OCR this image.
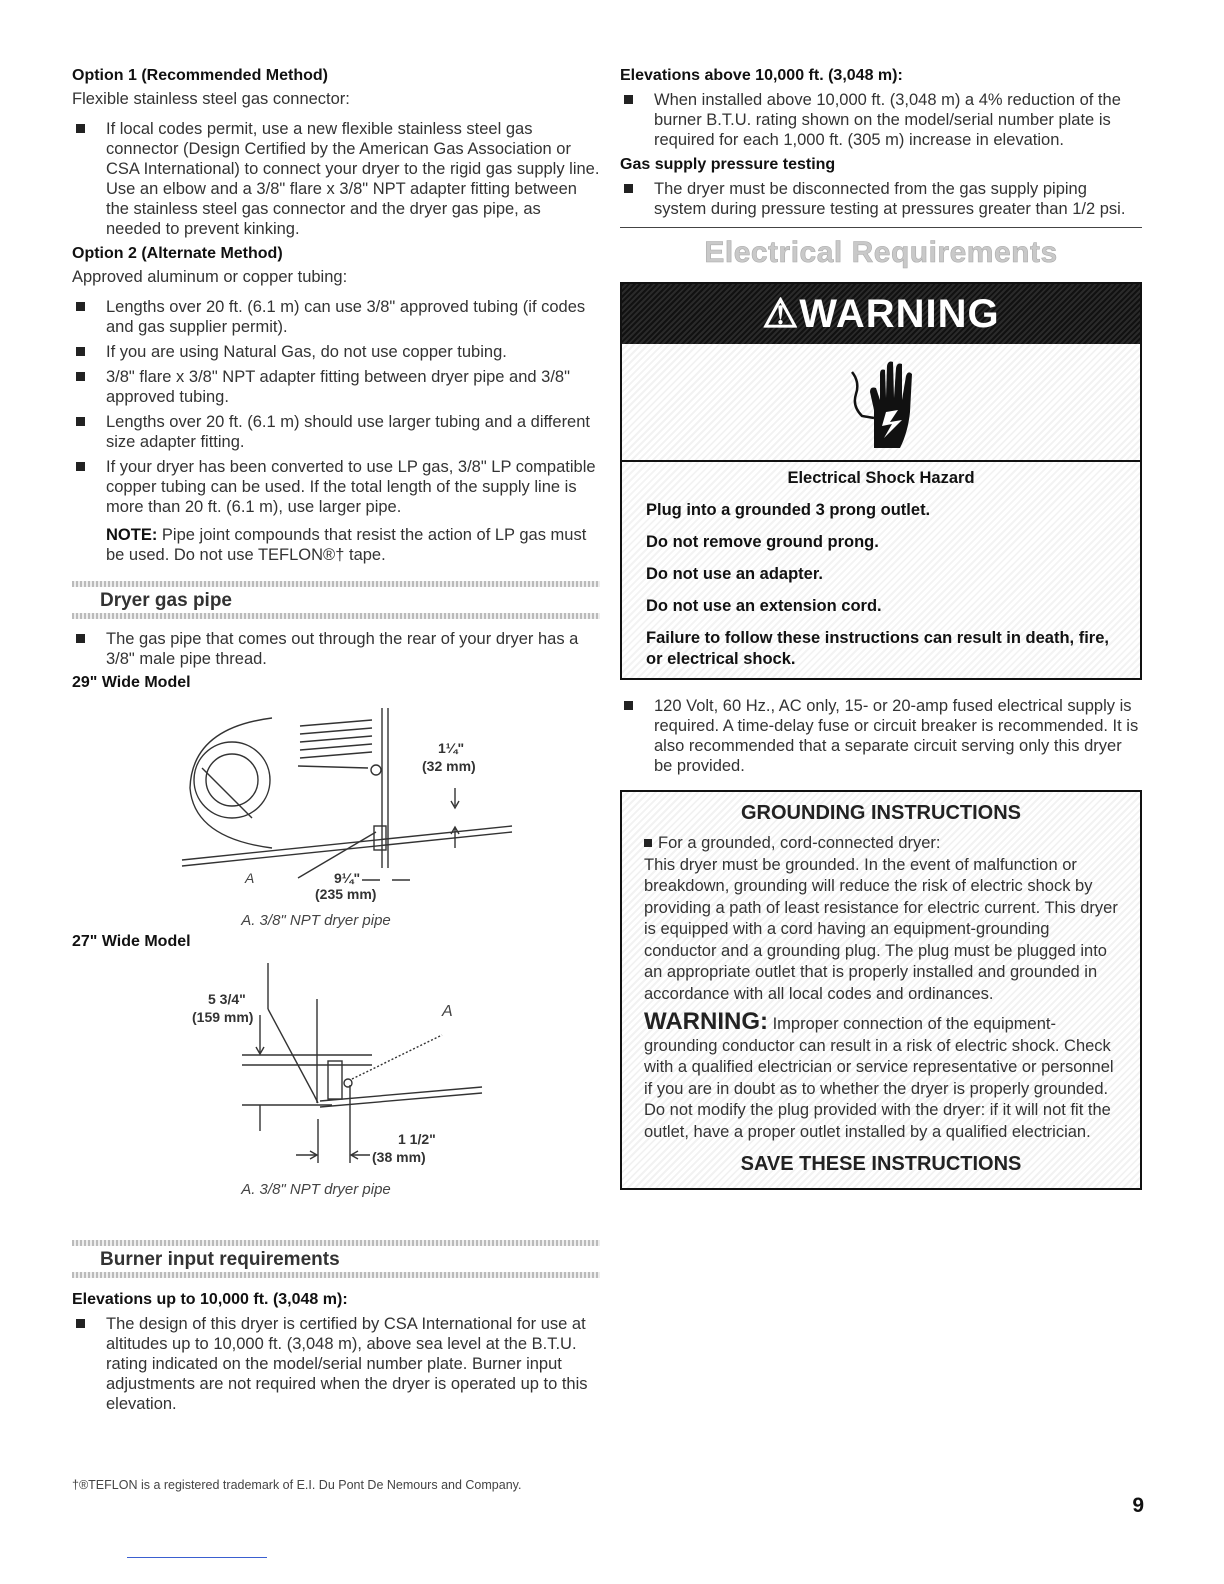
Option 1 (Recommended Method)

Flexible stainless steel gas connector:

If local codes permit, use a new flexible stainless steel gas connector (Design Certified by the American Gas Association or CSA International) to connect your dryer to the rigid gas supply line. Use an elbow and a 3/8" flare x 3/8" NPT adapter fitting between the stainless steel gas connector and the dryer gas pipe, as needed to prevent kinking.
Option 2 (Alternate Method)

Approved aluminum or copper tubing:

Lengths over 20 ft. (6.1 m) can use 3/8" approved tubing (if codes and gas supplier permit).
If you are using Natural Gas, do not use copper tubing.
3/8" flare x 3/8" NPT adapter fitting between dryer pipe and 3/8" approved tubing.
Lengths over 20 ft. (6.1 m) should use larger tubing and a different size adapter fitting.
If your dryer has been converted to use LP gas, 3/8" LP compatible copper tubing can be used. If the total length of the supply line is more than 20 ft. (6.1 m), use larger pipe.

NOTE: Pipe joint compounds that resist the action of LP gas must be used. Do not use TEFLON®† tape.

Dryer gas pipe
The gas pipe that comes out through the rear of your dryer has a 3/8" male pipe thread.
29" Wide Model
1¼"
(32 mm)
A	9¼"
(235 mm)
A. 3/8" NPT dryer pipe
27" Wide Model
5 3/4"
(159 mm)	A
1 1/2"
(38 mm)
A. 3/8" NPT dryer pipe
Burner input requirements
Elevations up to 10,000 ft. (3,048 m):
The design of this dryer is certified by CSA International for use at altitudes up to 10,000 ft. (3,048 m), above sea level at the B.T.U. rating indicated on the model/serial number plate. Burner input adjustments are not required when the dryer is operated up to this elevation.
Elevations above 10,000 ft. (3,048 m):
When installed above 10,000 ft. (3,048 m) a 4% reduction of the burner B.T.U. rating shown on the model/serial number plate is required for each 1,000 ft. (305 m) increase in elevation.
Gas supply pressure testing
The dryer must be disconnected from the gas supply piping system during pressure testing at pressures greater than 1/2 psi.
Electrical Requirements
⚠WARNING

Electrical Shock Hazard

Plug into a grounded 3 prong outlet.

Do not remove ground prong.

Do not use an adapter.

Do not use an extension cord.

Failure to follow these instructions can result in death, fire, or electrical shock.

120 Volt, 60 Hz., AC only, 15- or 20-amp fused electrical supply is required. A time-delay fuse or circuit breaker is recommended. It is also recommended that a separate circuit serving only this dryer be provided.
GROUNDING INSTRUCTIONS
For a grounded, cord-connected dryer:
This dryer must be grounded. In the event of malfunction or breakdown, grounding will reduce the risk of electric shock by providing a path of least resistance for electric current. This dryer is equipped with a cord having an equipment-grounding conductor and a grounding plug. The plug must be plugged into an appropriate outlet that is properly installed and grounded in accordance with all local codes and ordinances.
WARNING: Improper connection of the equipment-grounding conductor can result in a risk of electric shock. Check with a qualified electrician or service representative or personnel if you are in doubt as to whether the dryer is properly grounded. Do not modify the plug provided with the dryer: if it will not fit the outlet, have a proper outlet installed by a qualified electrician.
SAVE THESE INSTRUCTIONS
†®TEFLON is a registered trademark of E.I. Du Pont De Nemours and Company.
9
